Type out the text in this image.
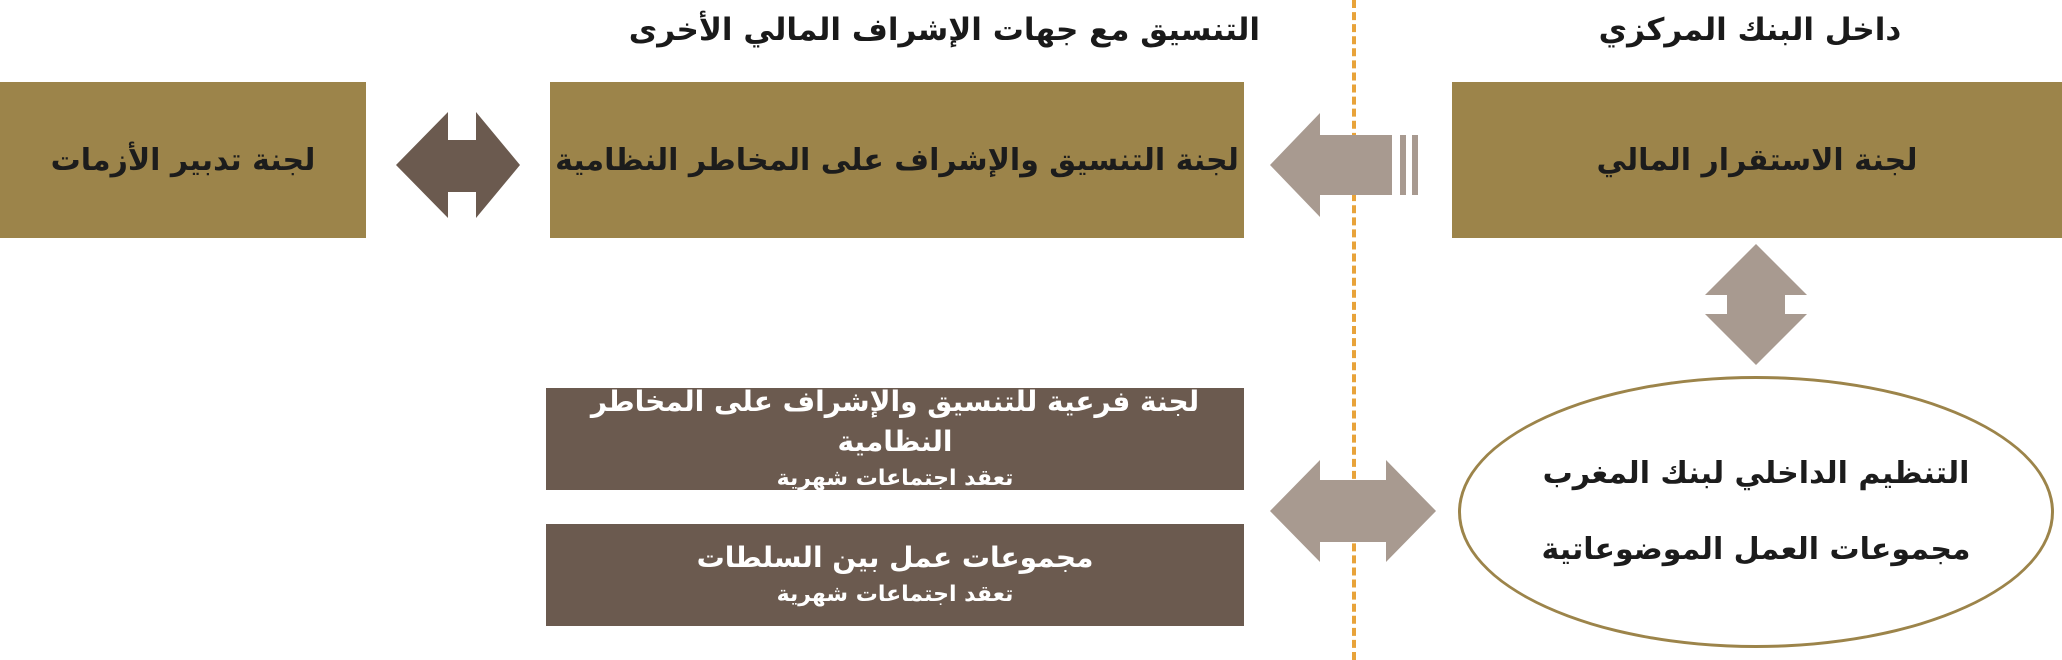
داخل البنك المركزي
التنسيق مع جهات الإشراف المالي الأخرى
لجنة الاستقرار المالي
لجنة التنسيق والإشراف على المخاطر النظامية
لجنة تدبير الأزمات
لجنة فرعية للتنسيق والإشراف على المخاطر النظامية
تعقد اجتماعات شهرية
مجموعات عمل بين السلطات
تعقد اجتماعات شهرية
التنظيم الداخلي لبنك المغرب
مجموعات العمل الموضوعاتية
